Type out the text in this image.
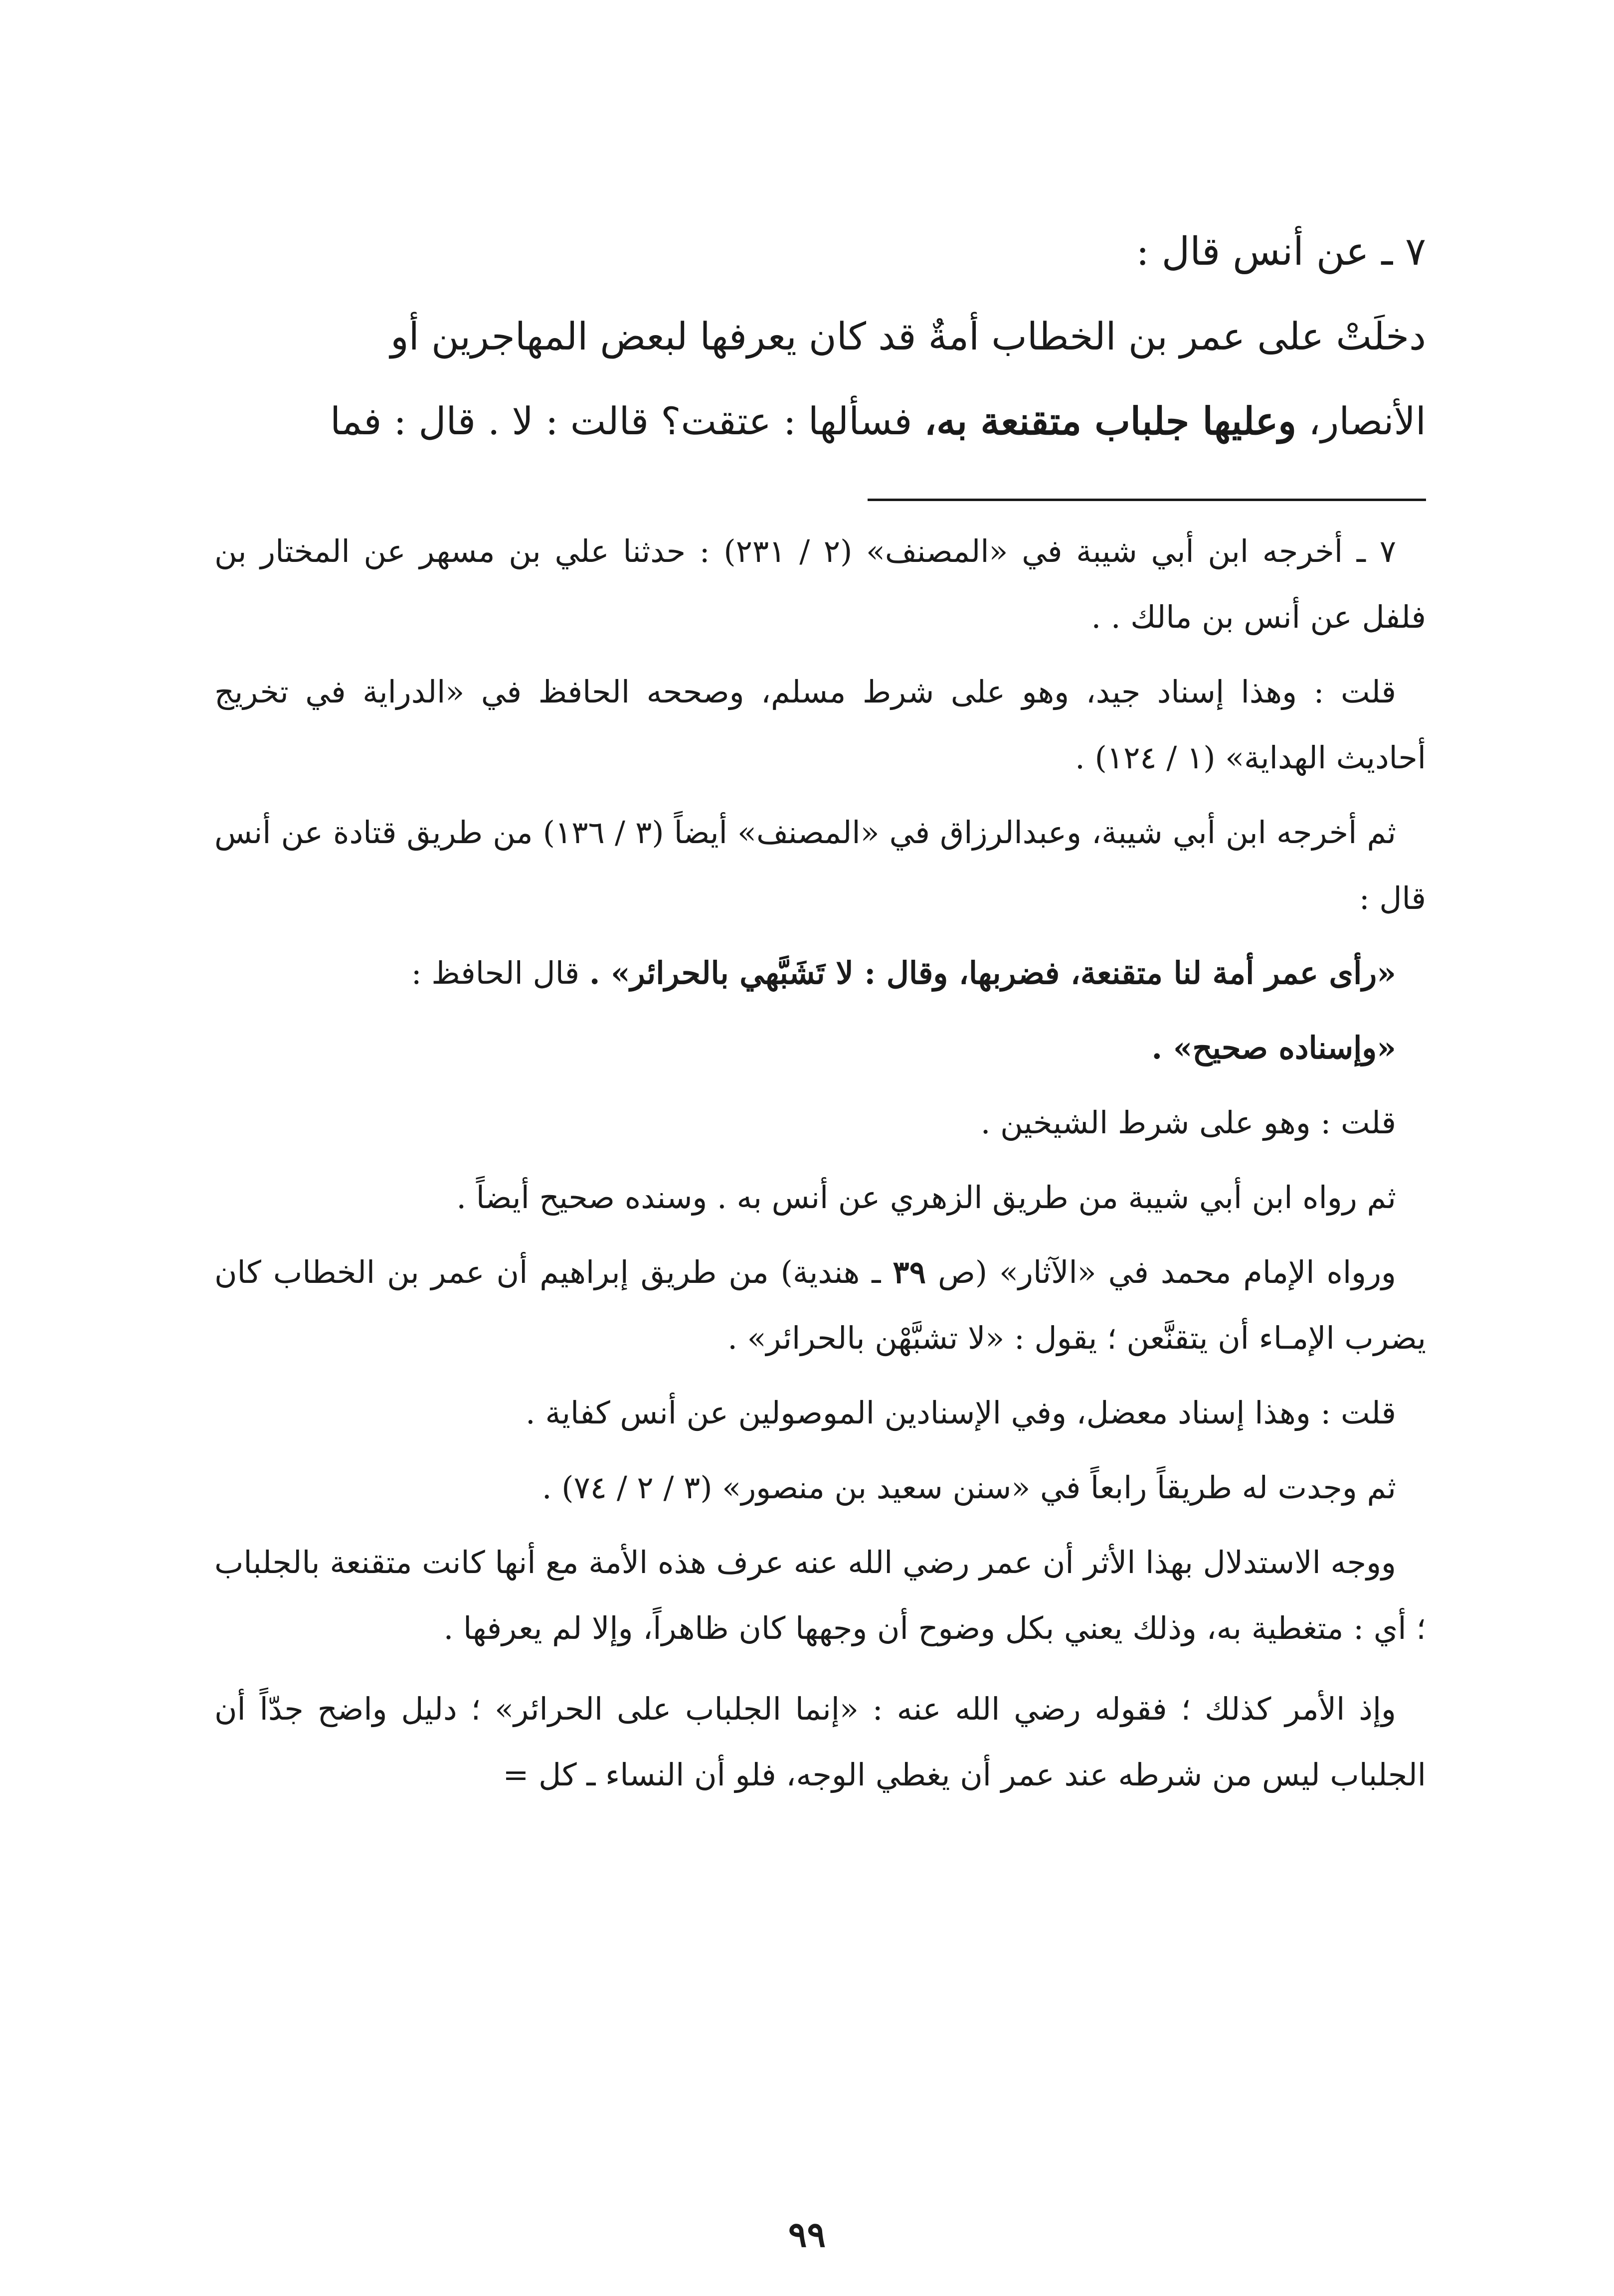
٧ ـ عن أنس قال :

دخلَتْ على عمر بن الخطاب أمةٌ قد كان يعرفها لبعض المهاجرين أو

الأنصار، وعليها جلباب متقنعة به، فسألها : عتقت؟ قالت : لا . قال : فما

٧ ـ أخرجه ابن أبي شيبة في «المصنف» (٢ / ٢٣١) : حدثنا علي بن مسهر عن المختار بن فلفل عن أنس بن مالك . .

قلت : وهذا إسناد جيد، وهو على شرط مسلم، وصححه الحافظ في «الدراية في تخريج أحاديث الهداية» (١ / ١٢٤) .

ثم أخرجه ابن أبي شيبة، وعبدالرزاق في «المصنف» أيضاً (٣ / ١٣٦) من طريق قتادة عن أنس قال :

«رأى عمر أمة لنا متقنعة، فضربها، وقال : لا تَشَبَّهي بالحرائر» . قال الحافظ :

«وإسناده صحيح» .

قلت : وهو على شرط الشيخين .

ثم رواه ابن أبي شيبة من طريق الزهري عن أنس به . وسنده صحيح أيضاً .

ورواه الإمام محمد في «الآثار» (ص ٣٩ ـ هندية) من طريق إبراهيم أن عمر بن الخطاب كان يضرب الإمـاء أن يتقنَّعن ؛ يقول : «لا تشبَّهْن بالحرائر» .

قلت : وهذا إسناد معضل، وفي الإسنادين الموصولين عن أنس كفاية .

ثم وجدت له طريقاً رابعاً في «سنن سعيد بن منصور» (٣ / ٢ / ٧٤) .

ووجه الاستدلال بهذا الأثر أن عمر رضي الله عنه عرف هذه الأمة مع أنها كانت متقنعة بالجلباب ؛ أي : متغطية به، وذلك يعني بكل وضوح أن وجهها كان ظاهراً، وإلا لم يعرفها .

وإذ الأمر كذلك ؛ فقوله رضي الله عنه : «إنما الجلباب على الحرائر» ؛ دليل واضح جدّاً أن الجلباب ليس من شرطه عند عمر أن يغطي الوجه، فلو أن النساء ـ كل =

٩٩
